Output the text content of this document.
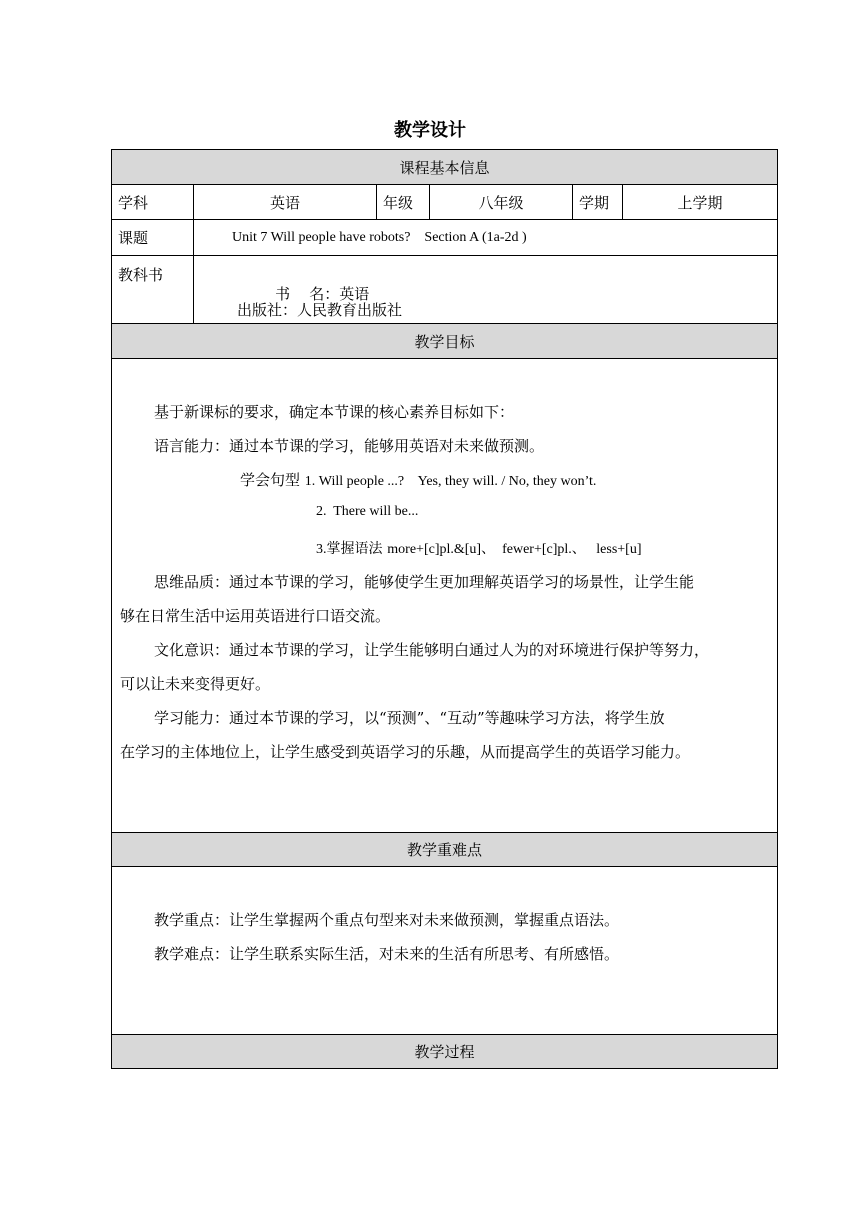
教学设计
课程基本信息
学科	英语	年级	八年级	学期	上学期
课题	Unit 7 Will people have robots?    Section A (1a-2d )
教科书

书    名：英语

出版社：人民教育出版社
教学目标
基于新课标的要求，确定本节课的核心素养目标如下：
语言能力：通过本节课的学习，能够用英语对未来做预测。
学会句型 1. Will people ...?    Yes, they will. / No, they won’t.
2.  There will be...
3.掌握语法 more+[c]pl.&[u]、  fewer+[c]pl.、   less+[u]
思维品质：通过本节课的学习，能够使学生更加理解英语学习的场景性，让学生能
够在日常生活中运用英语进行口语交流。
文化意识：通过本节课的学习，让学生能够明白通过人为的对环境进行保护等努力，
可以让未来变得更好。
学习能力：通过本节课的学习，以“预测”、“互动”等趣味学习方法，将学生放
在学习的主体地位上，让学生感受到英语学习的乐趣，从而提高学生的英语学习能力。
教学重难点
教学重点：让学生掌握两个重点句型来对未来做预测，掌握重点语法。
教学难点：让学生联系实际生活，对未来的生活有所思考、有所感悟。
教学过程
